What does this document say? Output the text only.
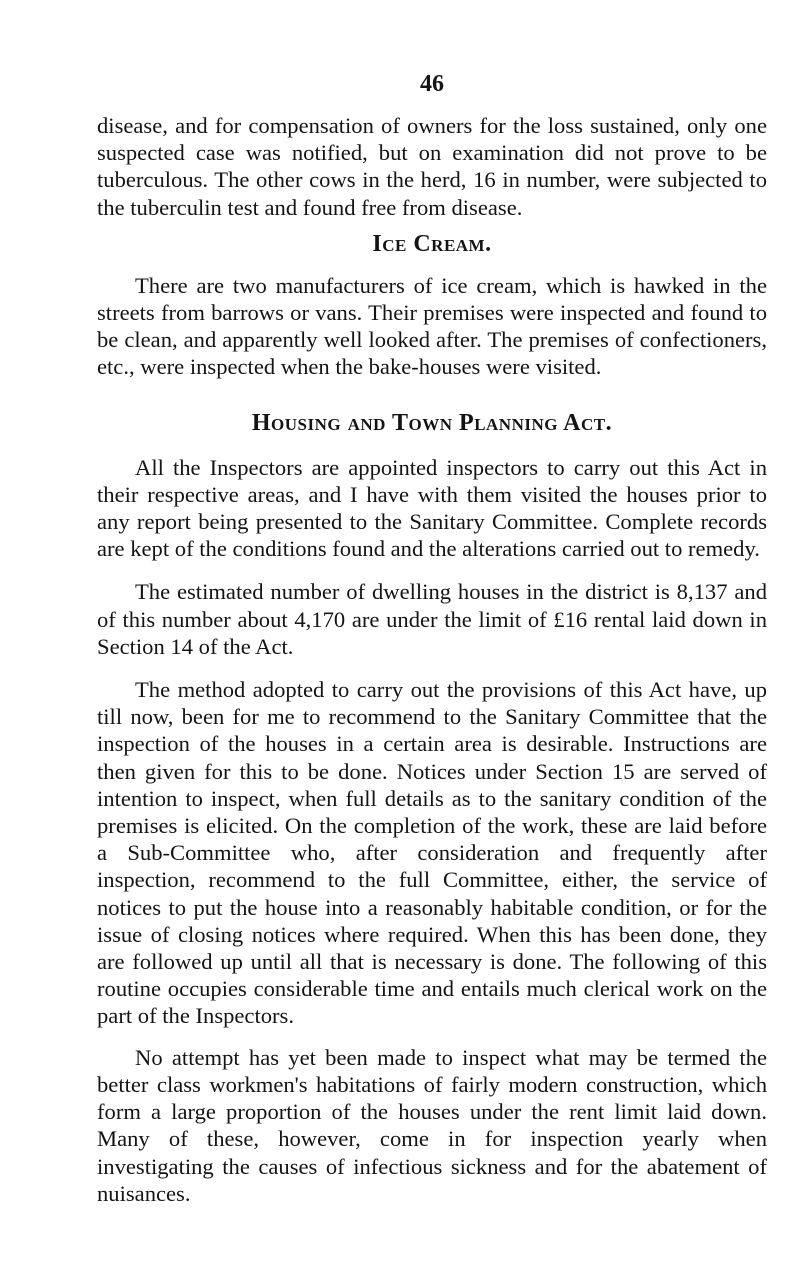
46

disease, and for compensation of owners for the loss sustained, only one suspected case was notified, but on examination did not prove to be tuberculous. The other cows in the herd, 16 in number, were subjected to the tuberculin test and found free from disease.

Ice Cream.

There are two manufacturers of ice cream, which is hawked in the streets from barrows or vans. Their premises were inspected and found to be clean, and apparently well looked after. The premises of confectioners, etc., were inspected when the bake-houses were visited.

Housing and Town Planning Act.

All the Inspectors are appointed inspectors to carry out this Act in their respective areas, and I have with them visited the houses prior to any report being presented to the Sanitary Committee. Complete records are kept of the conditions found and the alterations carried out to remedy.

The estimated number of dwelling houses in the district is 8,137 and of this number about 4,170 are under the limit of £16 rental laid down in Section 14 of the Act.

The method adopted to carry out the provisions of this Act have, up till now, been for me to recommend to the Sanitary Committee that the inspection of the houses in a certain area is desirable. Instructions are then given for this to be done. Notices under Section 15 are served of intention to inspect, when full details as to the sanitary condition of the premises is elicited. On the completion of the work, these are laid before a Sub-Committee who, after consideration and frequently after inspection, recommend to the full Committee, either, the service of notices to put the house into a reasonably habitable condition, or for the issue of closing notices where required. When this has been done, they are followed up until all that is necessary is done. The following of this routine occupies considerable time and entails much clerical work on the part of the Inspectors.

No attempt has yet been made to inspect what may be termed the better class workmen's habitations of fairly modern construction, which form a large proportion of the houses under the rent limit laid down. Many of these, however, come in for inspection yearly when investigating the causes of infectious sickness and for the abatement of nuisances.
